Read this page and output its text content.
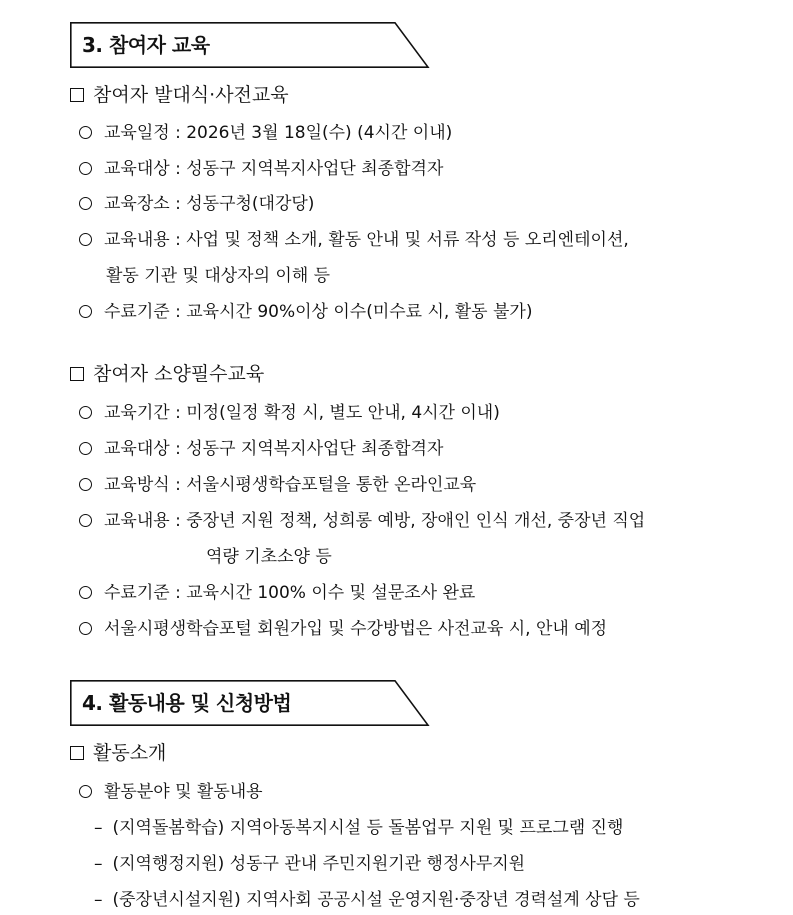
3. 참여자 교육
참여자 발대식·사전교육
교육일정 : 2026년 3월 18일(수) (4시간 이내)
교육대상 : 성동구 지역복지사업단 최종합격자
교육장소 : 성동구청(대강당)
교육내용 : 사업 및 정책 소개, 활동 안내 및 서류 작성 등 오리엔테이션,
활동 기관 및 대상자의 이해 등
수료기준 : 교육시간 90%이상 이수(미수료 시, 활동 불가)
참여자 소양필수교육
교육기간 : 미정(일정 확정 시, 별도 안내, 4시간 이내)
교육대상 : 성동구 지역복지사업단 최종합격자
교육방식 : 서울시평생학습포털을 통한 온라인교육
교육내용 : 중장년 지원 정책, 성희롱 예방, 장애인 인식 개선, 중장년 직업
역량 기초소양 등
수료기준 : 교육시간 100% 이수 및 설문조사 완료
서울시평생학습포털 회원가입 및 수강방법은 사전교육 시, 안내 예정
4. 활동내용 및 신청방법
활동소개
활동분야 및 활동내용
– (지역돌봄학습) 지역아동복지시설 등 돌봄업무 지원 및 프로그램 진행
– (지역행정지원) 성동구 관내 주민지원기관 행정사무지원
– (중장년시설지원) 지역사회 공공시설 운영지원·중장년 경력설계 상담 등
